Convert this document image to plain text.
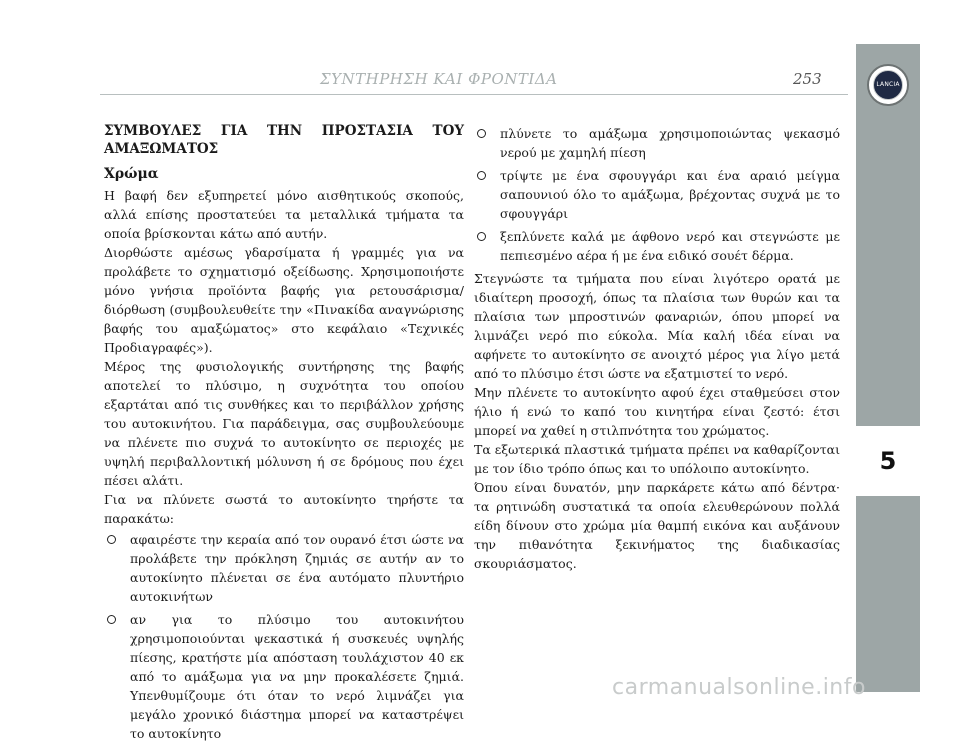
ΣΥΝΤΗΡΗΣΗ ΚΑΙ ΦΡΟΝΤΙΔΑ	253	LANCIA
5
ΣΥΜΒΟΥΛΕΣ ΓΙΑ ΤΗΝ ΠΡΟΣΤΑΣΙΑ ΤΟΥ ΑΜΑΞΩΜΑΤΟΣ
Χρώμα

Η βαφή δεν εξυπηρετεί μόνο αισθητικούς σκοπούς, αλλά επίσης προστατεύει τα μεταλλικά τμήματα τα οποία βρίσκονται κάτω από αυτήν.

Διορθώστε αμέσως γδαρσίματα ή γραμμές για να προλάβετε το σχηματισμό οξείδωσης. Χρησιμοποιήστε μόνο γνήσια προϊόντα βαφής για ρετουσάρισμα/διόρθωση (συμβουλευθείτε την «Πινακίδα αναγνώρισης βαφής του αμαξώματος» στο κεφάλαιο «Τεχνικές Προδιαγραφές»).

Μέρος της φυσιολογικής συντήρησης της βαφής αποτελεί το πλύσιμο, η συχνότητα του οποίου εξαρτάται από τις συνθήκες και το περιβάλλον χρήσης του αυτοκινήτου. Για παράδειγμα, σας συμβουλεύουμε να πλένετε πιο συχνά το αυτοκίνητο σε περιοχές με υψηλή περιβαλλοντική μόλυνση ή σε δρόμους που έχει πέσει αλάτι.

Για να πλύνετε σωστά το αυτοκίνητο τηρήστε τα παρακάτω:

αφαιρέστε την κεραία από τον ουρανό έτσι ώστε να προλάβετε την πρόκληση ζημιάς σε αυτήν αν το αυτοκίνητο πλένεται σε ένα αυτόματο πλυντήριο αυτοκινήτων
αν για το πλύσιμο του αυτοκινήτου χρησιμοποιούνται ψεκαστικά ή συσκευές υψηλής πίεσης, κρατήστε μία απόσταση τουλάχιστον 40 εκ από το αμάξωμα για να μην προκαλέσετε ζημιά. Υπενθυμίζουμε ότι όταν το νερό λιμνάζει για μεγάλο χρονικό διάστημα μπορεί να καταστρέψει το αυτοκίνητο
πλύνετε το αμάξωμα χρησιμοποιώντας ψεκασμό νερού με χαμηλή πίεση
τρίψτε με ένα σφουγγάρι και ένα αραιό μείγμα σαπουνιού όλο το αμάξωμα, βρέχοντας συχνά με το σφουγγάρι
ξεπλύνετε καλά με άφθονο νερό και στεγνώστε με πεπιεσμένο αέρα ή με ένα ειδικό σουέτ δέρμα.

Στεγνώστε τα τμήματα που είναι λιγότερο ορατά με ιδιαίτερη προσοχή, όπως τα πλαίσια των θυρών και τα πλαίσια των μπροστινών φαναριών, όπου μπορεί να λιμνάζει νερό πιο εύκολα. Μία καλή ιδέα είναι να αφήνετε το αυτοκίνητο σε ανοιχτό μέρος για λίγο μετά από το πλύσιμο έτσι ώστε να εξατμιστεί το νερό.

Μην πλένετε το αυτοκίνητο αφού έχει σταθμεύσει στον ήλιο ή ενώ το καπό του κινητήρα είναι ζεστό: έτσι μπορεί να χαθεί η στιλπνότητα του χρώματος.

Τα εξωτερικά πλαστικά τμήματα πρέπει να καθαρίζονται με τον ίδιο τρόπο όπως και το υπόλοιπο αυτοκίνητο.

Όπου είναι δυνατόν, μην παρκάρετε κάτω από δέντρα· τα ρητινώδη συστατικά τα οποία ελευθερώνουν πολλά είδη δίνουν στο χρώμα μία θαμπή εικόνα και αυξάνουν την πιθανότητα ξεκινήματος της διαδικασίας σκουριάσματος.

carmanualsonline.info
